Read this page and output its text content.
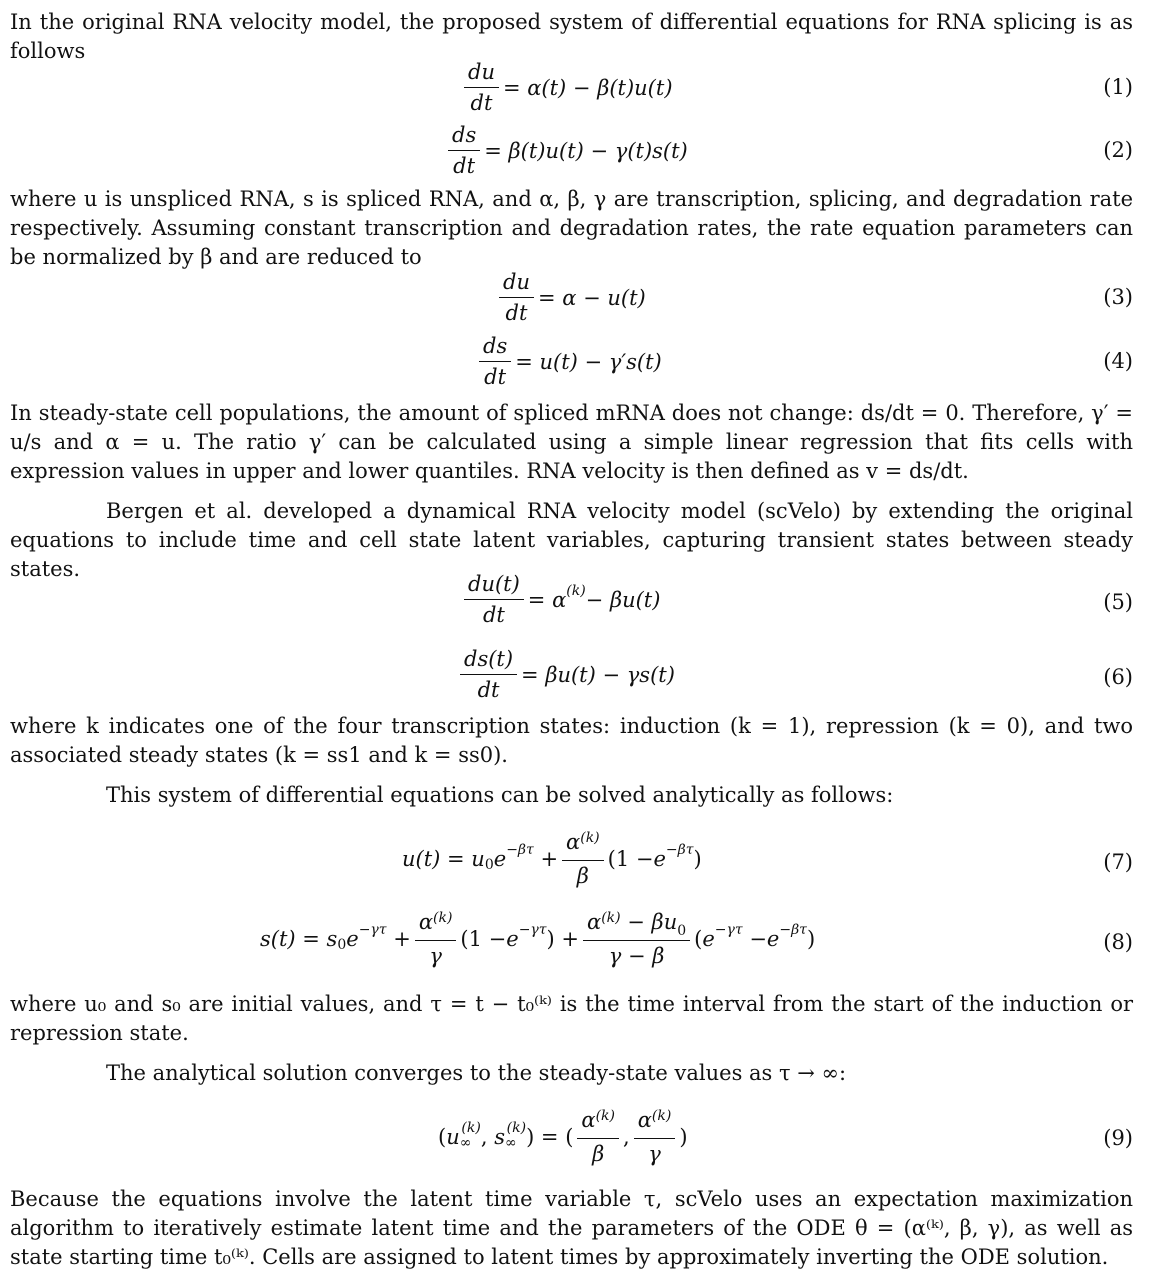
In the original RNA velocity model, the proposed system of differential equations for RNA splicing is as follows

$\frac{du}{dt} = \alpha(t) - \beta(t)u(t)$	(1)
$\frac{ds}{dt} = \beta(t)u(t) - \gamma(t)s(t)$	(2)

where u is unspliced RNA, s is spliced RNA, and α, β, γ are transcription, splicing, and degradation rate respectively. Assuming constant transcription and degradation rates, the rate equation parameters can be normalized by β and are reduced to

$\frac{du}{dt} = \alpha - u(t)$	(3)
$\frac{ds}{dt} = u(t) - \gamma's(t)$	(4)

In steady-state cell populations, the amount of spliced mRNA does not change: ds/dt = 0. Therefore, γ′ = u/s and α = u. The ratio γ′ can be calculated using a simple linear regression that fits cells with expression values in upper and lower quantiles. RNA velocity is then defined as v = ds/dt.

Bergen et al. developed a dynamical RNA velocity model (scVelo) by extending the original equations to include time and cell state latent variables, capturing transient states between steady states.

$\frac{du(t)}{dt} = \alpha$ (k) − βu(t)	(5)
$\frac{ds(t)}{dt} = \beta u(t) - \gamma s(t)$	(6)

where k indicates one of the four transcription states: induction (k = 1), repression (k = 0), and two associated steady states (k = ss1 and k = ss0).

This system of differential equations can be solved analytically as follows:

u(t) = u 0 $e -\beta\tau + \frac{\alpha^{(k)}}{\beta} (1 - e -\beta\tau$ )	(7)
s(t) = s 0 $e -\gamma\tau + \frac{\alpha^{(k)}}{\gamma} (1 - e -\gamma\tau$ ) + $\frac{\alpha^{(k)} - \beta u_0}{\gamma - \beta}$ ( e −γτ − e −βτ )	(8)

where u₀ and s₀ are initial values, and τ = t − t₀⁽ᵏ⁾ is the time interval from the start of the induction or repression state.

The analytical solution converges to the steady-state values as τ → ∞:

( u ∞
(k) , s ∞
(k) ) = ( $\frac{\alpha^{(k)}}{\beta}$ , $\frac{\alpha^{(k)}}{\gamma}$ )	(9)

Because the equations involve the latent time variable τ, scVelo uses an expectation maximization algorithm to iteratively estimate latent time and the parameters of the ODE θ = (α⁽ᵏ⁾, β, γ), as well as state starting time t₀⁽ᵏ⁾. Cells are assigned to latent times by approximately inverting the ODE solution.
